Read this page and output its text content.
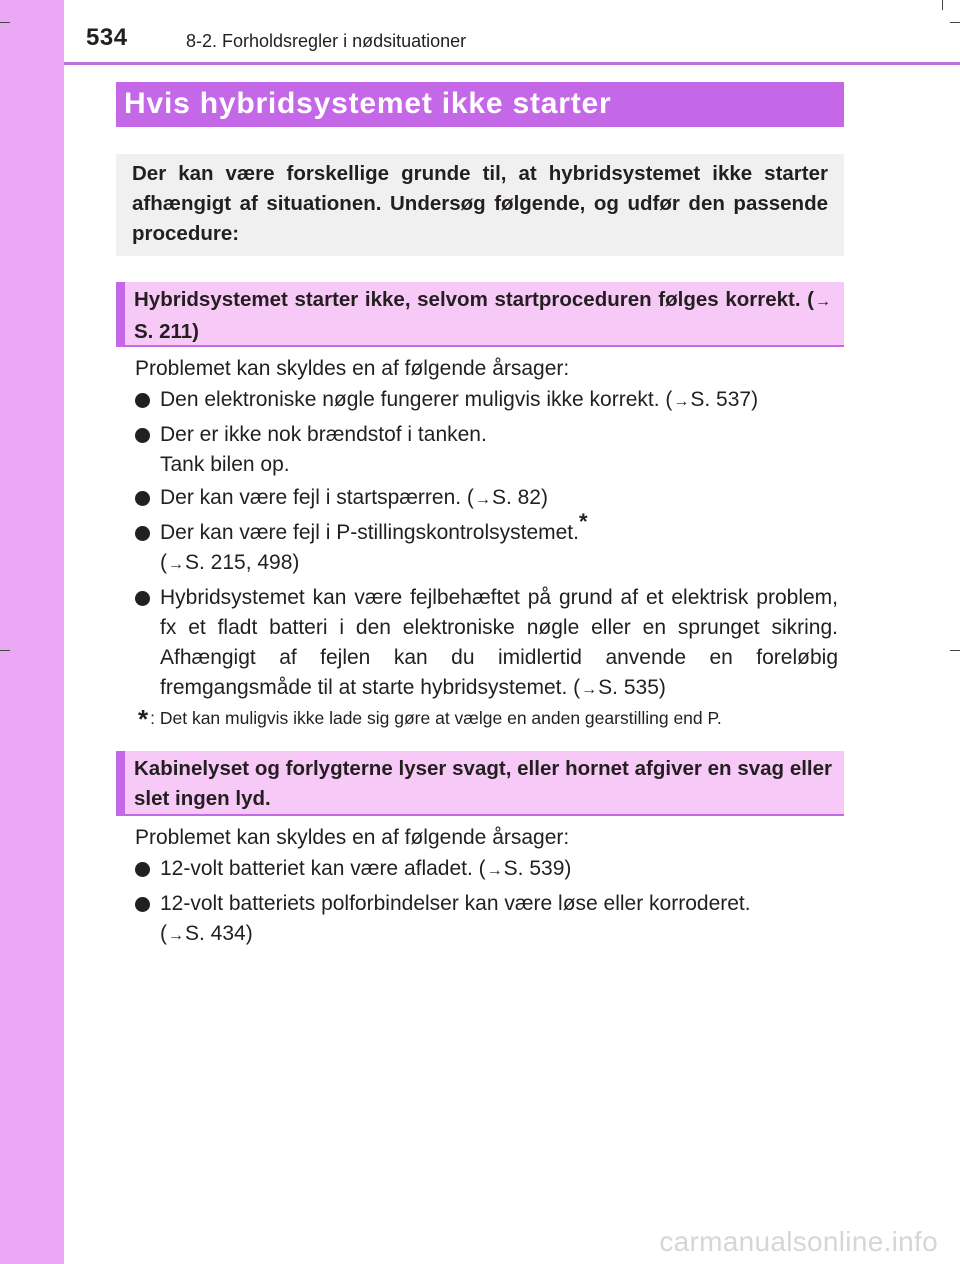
534	8-2. Forholdsregler i nødsituationer
Hvis hybridsystemet ikke starter
Der kan være forskellige grunde til, at hybridsystemet ikke starter afhængigt af situationen. Undersøg følgende, og udfør den passende procedure:
Hybridsystemet starter ikke, selvom startproceduren følges korrekt. (→S. 211)

Problemet kan skyldes en af følgende årsager:

Den elektroniske nøgle fungerer muligvis ikke korrekt. (→S. 537)
Der er ikke nok brændstof i tanken.
Tank bilen op.
Der kan være fejl i startspærren. (→S. 82)
Der kan være fejl i P-stillingskontrolsystemet.*
(→S. 215, 498)
Hybridsystemet kan være fejlbehæftet på grund af et elektrisk problem, fx et fladt batteri i den elektroniske nøgle eller en sprunget sikring. Afhængigt af fejlen kan du imidlertid anvende en foreløbig fremgangsmåde til at starte hybridsystemet. (→S. 535)
* : Det kan muligvis ikke lade sig gøre at vælge en anden gearstilling end P.
Kabinelyset og forlygterne lyser svagt, eller hornet afgiver en svag eller slet ingen lyd.

Problemet kan skyldes en af følgende årsager:

12-volt batteriet kan være afladet. (→S. 539)
12-volt batteriets polforbindelser kan være løse eller korroderet.
(→S. 434)
carmanualsonline.info
